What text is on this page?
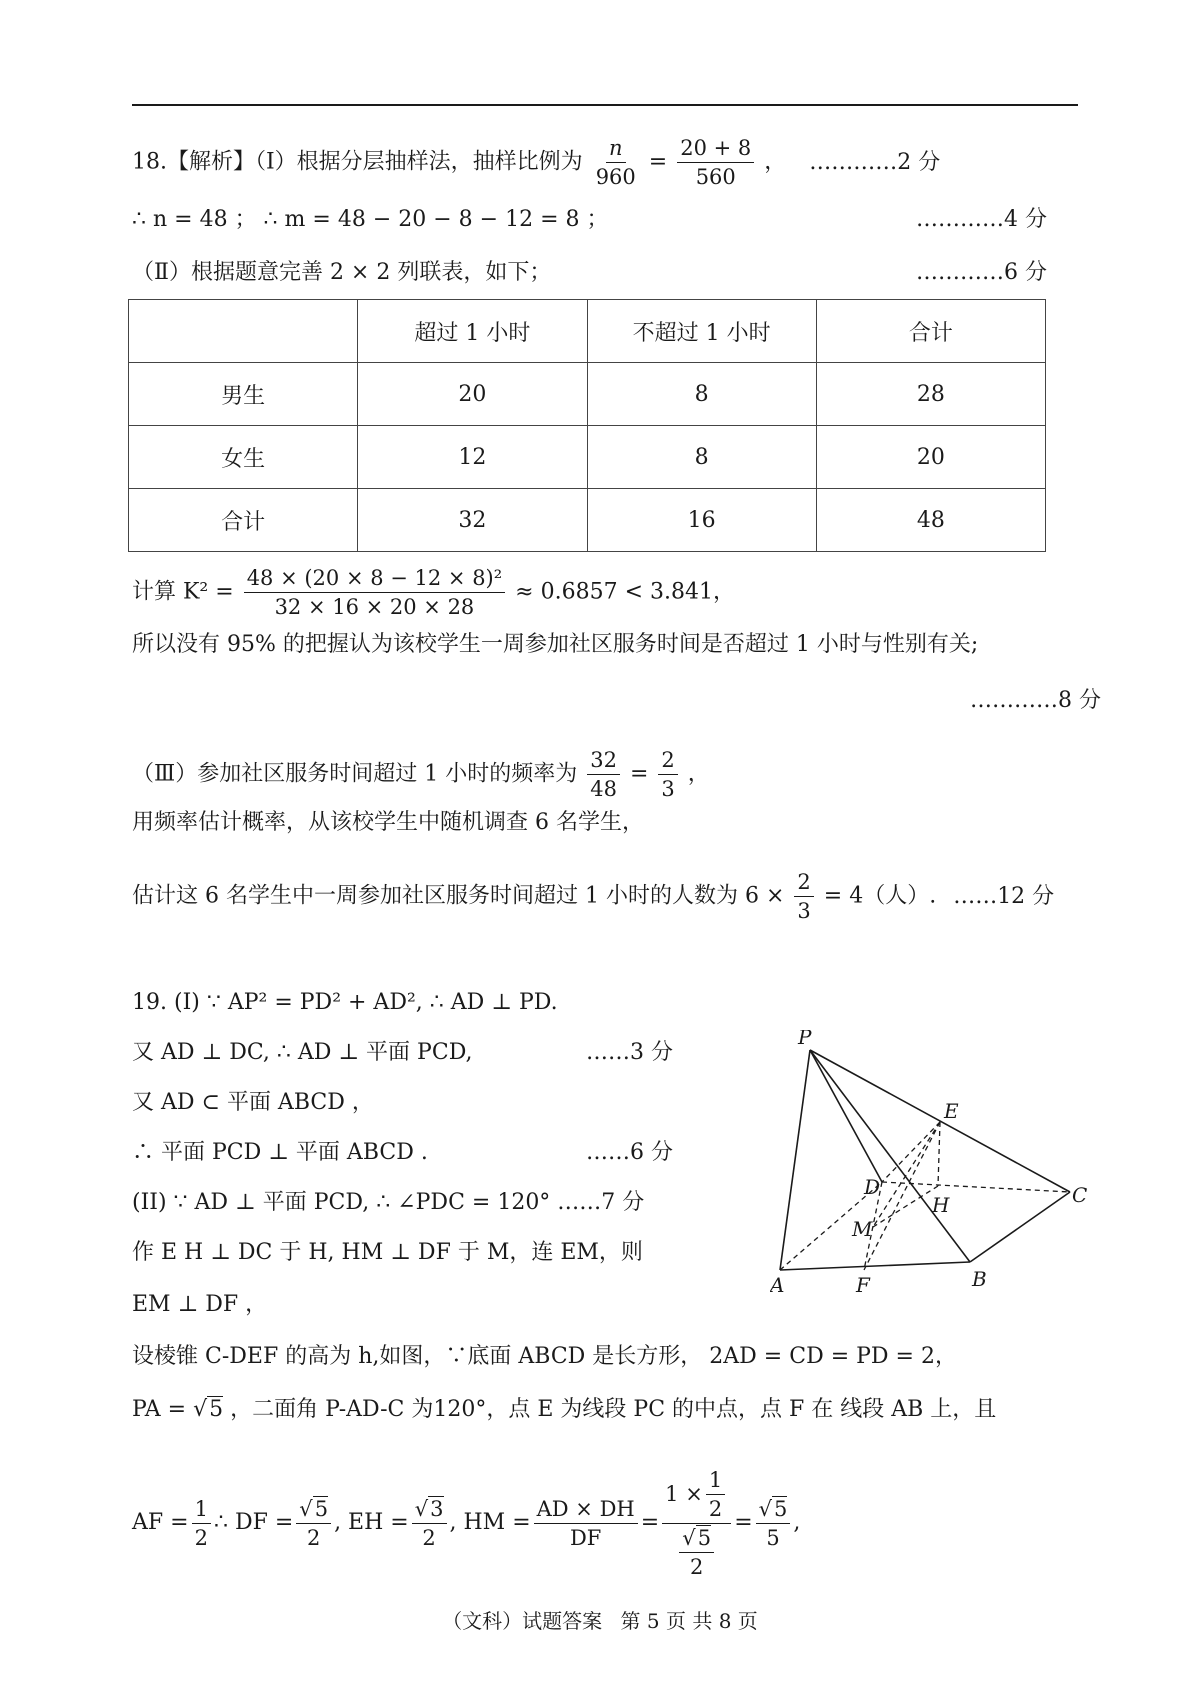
18.【解析】（Ⅰ）根据分层抽样法，抽样比例为 $\frac{n}{960} = \frac{20 + 8}{560}$ ， …………2 分
∴ n = 48 ； ∴ m = 48 − 20 − 8 − 12 = 8 ；	…………4 分
（Ⅱ）根据题意完善 2 × 2 列联表，如下；	…………6 分
	超过 1 小时	不超过 1 小时	合计
男生	20	8	28
女生	12	8	20
合计	32	16	48
计算 $K^2 = \frac{\text{48 × (20 × 8 − 12 × 8)²}}{32 \times 16 \times 20 \times 28} \approx 0.6857 < 3.841$，
所以没有 95% 的把握认为该校学生一周参加社区服务时间是否超过 1 小时与性别有关;
…………8 分
（Ⅲ）参加社区服务时间超过 1 小时的频率为 $\frac{32}{48} = \frac{2}{3}$ ，
用频率估计概率，从该校学生中随机调查 6 名学生，
估计这 6 名学生中一周参加社区服务时间超过 1 小时的人数为 $6 \times \frac{2}{3} = 4$（人）. ……12 分
19. (I) ∵ AP² = PD² + AD², ∴ AD ⊥ PD.
又 AD ⊥ DC, ∴ AD ⊥ 平面 PCD,	……3 分
又 AD ⊂ 平面 ABCD ，
∴ 平面 PCD ⊥ 平面 ABCD .	……6 分
(II) ∵ AD ⊥ 平面 PCD, ∴ ∠PDC = 120° ……7 分
作 E H ⊥ DC 于 H, HM ⊥ DF 于 M，连 EM，则
EM ⊥ DF ，
设棱锥 C-DEF 的高为 h,如图，∵底面 ABCD 是长方形， 2AD = CD = PD = 2，
PA = √5 ，二面角 P-AD-C 为120°，点 E 为线段 PC 的中点，点 F 在 线段 AB 上，且
AF = $\frac{1}{2}$ ∴ DF = $\frac{√5}{2}$ , EH = $\frac{√3}{2}$ , HM = $\frac{AD \times DH}{DF} = \frac{1 \times \frac{1}{2}}{\frac{√5}{2}} = \frac{√5}{5}$ ,
P
E
D	C
H
M
A	F	B
（文科）试题答案 第 5 页 共 8 页
